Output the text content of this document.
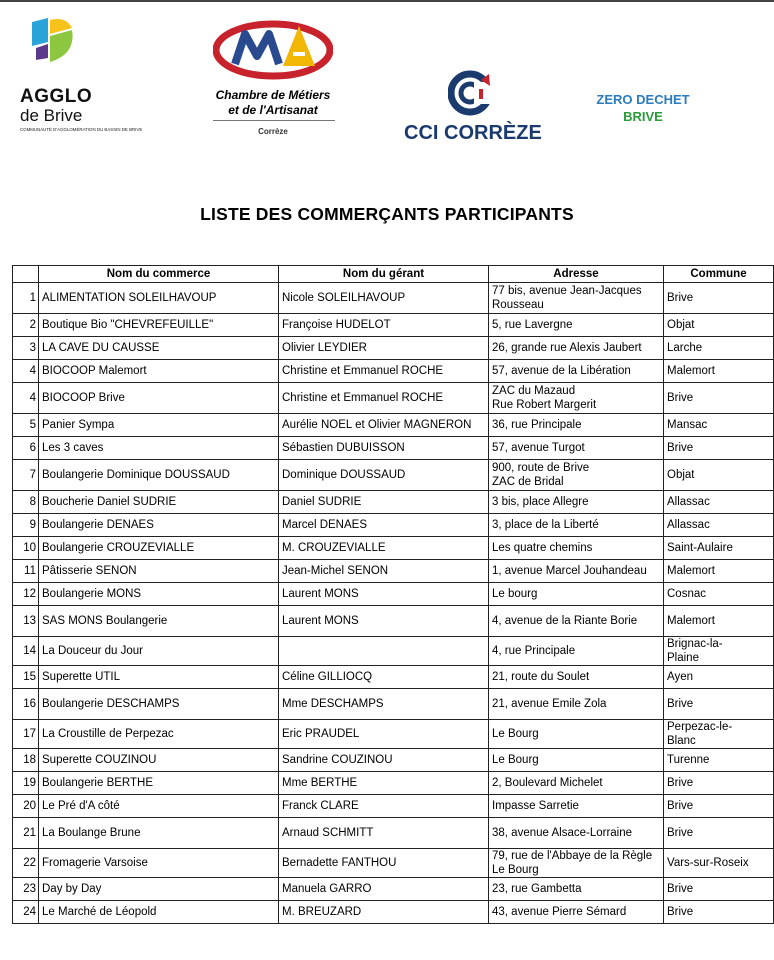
AGGLO
de Brive
COMMUNAUTÉ D'AGGLOMÉRATION DU BASSIN DE BRIVE
Chambre de Métiers
et de l'Artisanat
Corrèze	CCI CORRÈZE
ZERO DECHET
BRIVE
LISTE DES COMMERÇANTS PARTICIPANTS
	Nom du commerce	Nom du gérant	Adresse	Commune

1	ALIMENTATION SOLEILHAVOUP	Nicole SOLEILHAVOUP	77 bis, avenue Jean-Jacques
Rousseau	Brive

2	Boutique Bio "CHEVREFEUILLE"	Françoise HUDELOT	5, rue Lavergne	Objat

3	LA CAVE DU CAUSSE	Olivier LEYDIER	26, grande rue Alexis Jaubert	Larche

4	BIOCOOP Malemort	Christine et Emmanuel ROCHE	57, avenue de la Libération	Malemort

4	BIOCOOP Brive	Christine et Emmanuel ROCHE	ZAC du Mazaud
Rue Robert Margerit	Brive

5	Panier Sympa	Aurélie NOEL et Olivier MAGNERON	36, rue Principale	Mansac

6	Les 3 caves	Sébastien DUBUISSON	57, avenue Turgot	Brive

7	Boulangerie Dominique DOUSSAUD	Dominique DOUSSAUD	900, route de Brive
ZAC de Bridal	Objat

8	Boucherie Daniel SUDRIE	Daniel SUDRIE	3 bis, place Allegre	Allassac

9	Boulangerie DENAES	Marcel DENAES	3, place de la Liberté	Allassac

10	Boulangerie CROUZEVIALLE	M. CROUZEVIALLE	Les quatre chemins	Saint-Aulaire

11	Pâtisserie SENON	Jean-Michel SENON	1, avenue Marcel Jouhandeau	Malemort

12	Boulangerie MONS	Laurent MONS	Le bourg	Cosnac

13	SAS MONS Boulangerie	Laurent MONS	4, avenue de la Riante Borie	Malemort

14	La Douceur du Jour		4, rue Principale	Brignac-la-
Plaine

15	Superette UTIL	Céline GILLIOCQ	21, route du Soulet	Ayen

16	Boulangerie DESCHAMPS	Mme DESCHAMPS	21, avenue Emile Zola	Brive

17	La Croustille de Perpezac	Eric PRAUDEL	Le Bourg	Perpezac-le-
Blanc

18	Superette COUZINOU	Sandrine COUZINOU	Le Bourg	Turenne

19	Boulangerie BERTHE	Mme BERTHE	2, Boulevard Michelet	Brive

20	Le Pré d'A côté	Franck CLARE	Impasse Sarretie	Brive

21	La Boulange Brune	Arnaud SCHMITT	38, avenue Alsace-Lorraine	Brive

22	Fromagerie Varsoise	Bernadette FANTHOU	79, rue de l'Abbaye de la Règle
Le Bourg	Vars-sur-Roseix

23	Day by Day	Manuela GARRO	23, rue Gambetta	Brive

24	Le Marché de Léopold	M. BREUZARD	43, avenue Pierre Sémard	Brive
